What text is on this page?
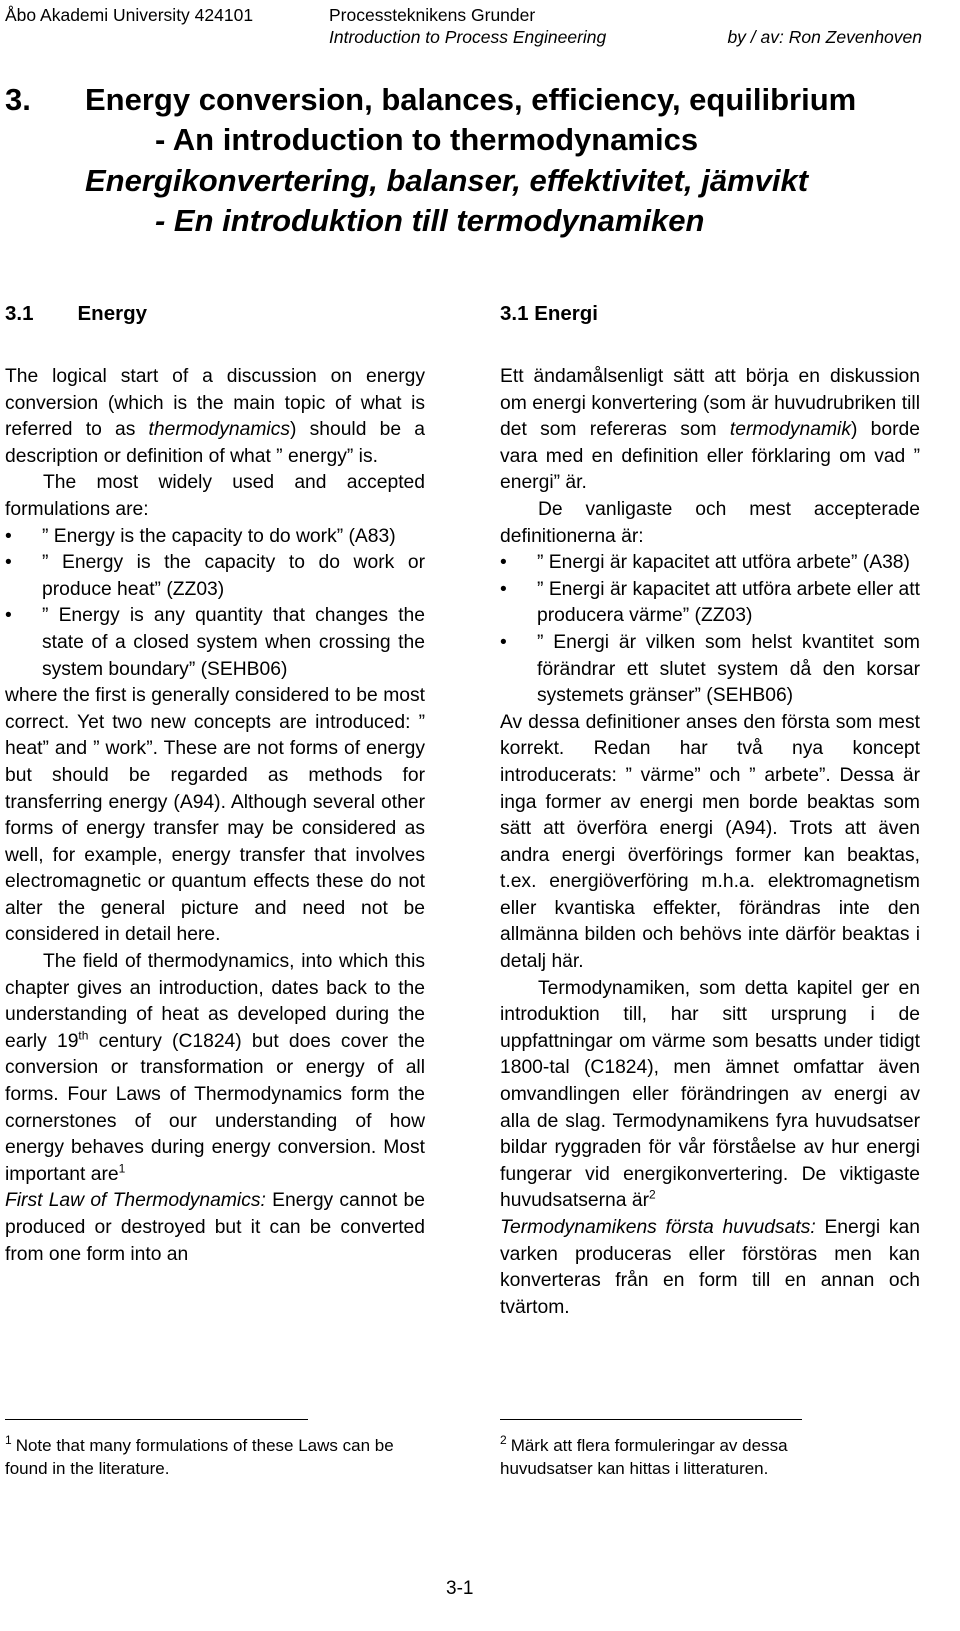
Åbo Akademi University 424101	Processteknikens Grunder
Introduction to Process Engineering	by / av: Ron Zevenhoven
3. Energy conversion, balances, efficiency, equilibrium
- An introduction to thermodynamics
Energikonvertering, balanser, effektivitet, jämvikt
- En introduktion till termodynamiken
3.1 Energy

The logical start of a discussion on energy conversion (which is the main topic of what is referred to as thermodynamics) should be a description or definition of what ” energy” is.

The most widely used and accepted formulations are:

• ” Energy is the capacity to do work” (A83)
• ” Energy is the capacity to do work or produce heat” (ZZ03)
• ” Energy is any quantity that changes the state of a closed system when crossing the system boundary” (SEHB06)

where the first is generally considered to be most correct. Yet two new concepts are introduced: ” heat” and ” work”. These are not forms of energy but should be regarded as methods for transferring energy (A94). Although several other forms of energy transfer may be considered as well, for example, energy transfer that involves electromagnetic or quantum effects these do not alter the general picture and need not be considered in detail here.

The field of thermodynamics, into which this chapter gives an introduction, dates back to the understanding of heat as developed during the early 19th century (C1824) but does cover the conversion or transformation or energy of all forms. Four Laws of Thermodynamics form the cornerstones of our understanding of how energy behaves during energy conversion. Most important are$^1$

First Law of Thermodynamics: Energy cannot be produced or destroyed but it can be converted from one form into an

3.1 Energi

Ett ändamålsenligt sätt att börja en diskussion om energi konvertering (som är huvudrubriken till det som refereras som termodynamik) borde vara med en definition eller förklaring om vad ” energi” är.

De vanligaste och mest accepterade definitionerna är:

• ” Energi är kapacitet att utföra arbete” (A38)
• ” Energi är kapacitet att utföra arbete eller att producera värme” (ZZ03)
• ” Energi är vilken som helst kvantitet som förändrar ett slutet system då den korsar systemets gränser” (SEHB06)

Av dessa definitioner anses den första som mest korrekt. Redan har två nya koncept introducerats: ” värme” och ” arbete”. Dessa är inga former av energi men borde beaktas som sätt att överföra energi (A94). Trots att även andra energi överförings former kan beaktas, t.ex. energiöverföring m.h.a. elektromagnetism eller kvantiska effekter, förändras inte den allmänna bilden och behövs inte därför beaktas i detalj här.

Termodynamiken, som detta kapitel ger en introduktion till, har sitt ursprung i de uppfattningar om värme som besatts under tidigt 1800-tal (C1824), men ämnet omfattar även omvandlingen eller förändringen av energi av alla de slag. Termodynamikens fyra huvudsatser bildar ryggraden för vår förståelse av hur energi fungerar vid energikonvertering. De viktigaste huvudsatserna $är^2$

Termodynamikens första huvudsats: Energi kan varken produceras eller förstöras men kan konverteras från en form till en annan och tvärtom.

$^1$ Note that many formulations of these Laws can be found in the literature.
$^2$ Märk att flera formuleringar av dessa huvudsatser kan hittas i litteraturen.
3-1
